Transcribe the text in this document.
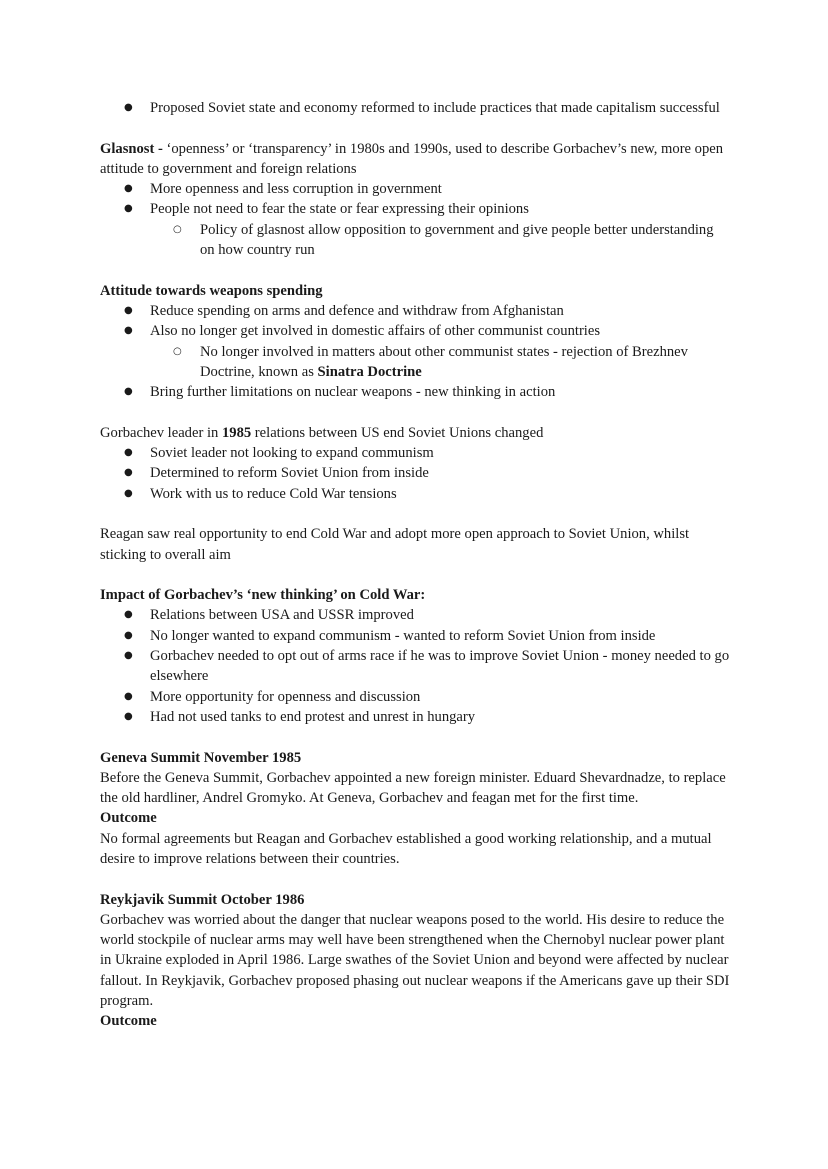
● Proposed Soviet state and economy reformed to include practices that made capitalism successful

Glasnost - ‘openness’ or ‘transparency’ in 1980s and 1990s, used to describe Gorbachev’s new, more open attitude to government and foreign relations

● More openness and less corruption in government
● People not need to fear the state or fear expressing their opinions
○ Policy of glasnost allow opposition to government and give people better understanding on how country run

Attitude towards weapons spending

● Reduce spending on arms and defence and withdraw from Afghanistan
● Also no longer get involved in domestic affairs of other communist countries
○ No longer involved in matters about other communist states - rejection of Brezhnev Doctrine, known as Sinatra Doctrine
● Bring further limitations on nuclear weapons - new thinking in action

Gorbachev leader in 1985 relations between US end Soviet Unions changed

● Soviet leader not looking to expand communism
● Determined to reform Soviet Union from inside
● Work with us to reduce Cold War tensions

Reagan saw real opportunity to end Cold War and adopt more open approach to Soviet Union, whilst sticking to overall aim

Impact of Gorbachev’s ‘new thinking’ on Cold War:

● Relations between USA and USSR improved
● No longer wanted to expand communism - wanted to reform Soviet Union from inside
● Gorbachev needed to opt out of arms race if he was to improve Soviet Union - money needed to go elsewhere
● More opportunity for openness and discussion
● Had not used tanks to end protest and unrest in hungary

Geneva Summit November 1985

Before the Geneva Summit, Gorbachev appointed a new foreign minister. Eduard Shevardnadze, to replace the old hardliner, Andrel Gromyko. At Geneva, Gorbachev and feagan met for the first time.

Outcome

No formal agreements but Reagan and Gorbachev established a good working relationship, and a mutual desire to improve relations between their countries.

Reykjavik Summit October 1986

Gorbachev was worried about the danger that nuclear weapons posed to the world. His desire to reduce the world stockpile of nuclear arms may well have been strengthened when the Chernobyl nuclear power plant in Ukraine exploded in April 1986. Large swathes of the Soviet Union and beyond were affected by nuclear fallout. In Reykjavik, Gorbachev proposed phasing out nuclear weapons if the Americans gave up their SDI program.

Outcome
